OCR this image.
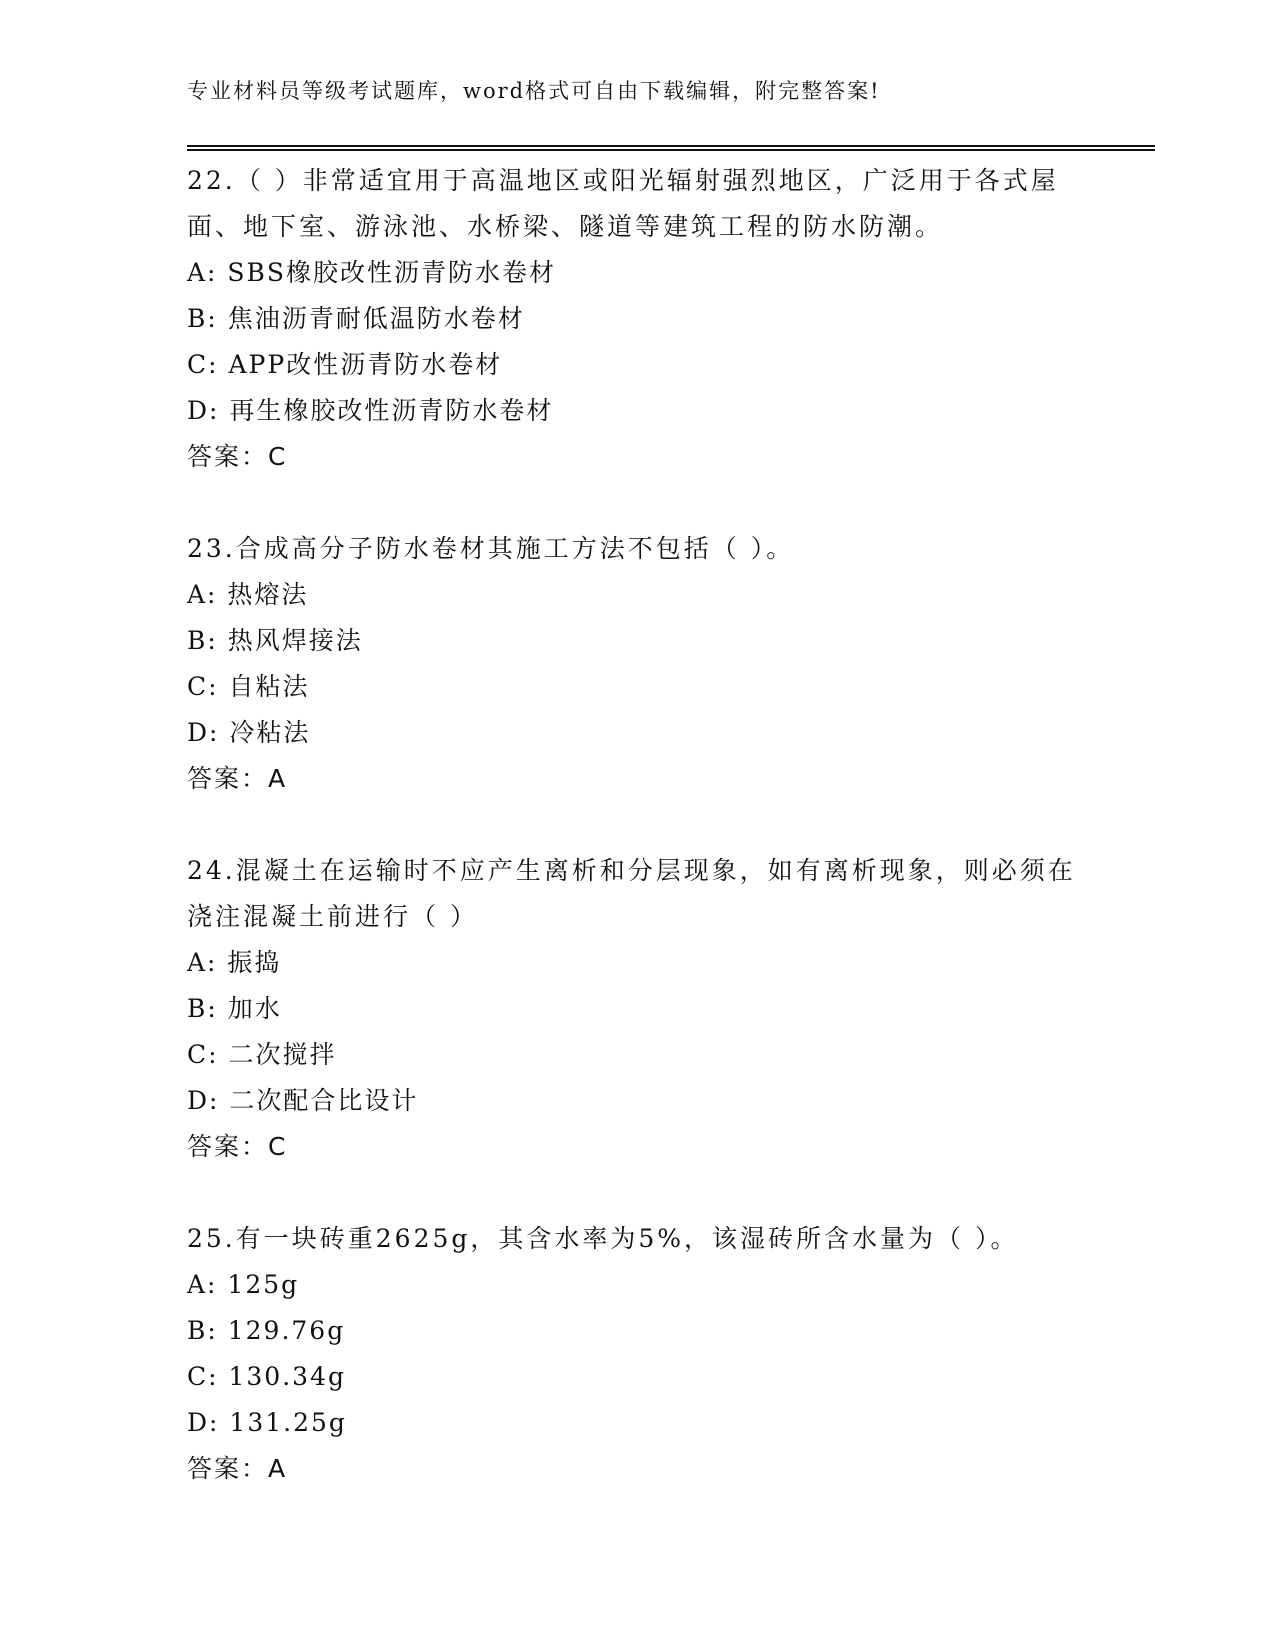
专业材料员等级考试题库，word格式可自由下载编辑，附完整答案!

22.（ ）非常适宜用于高温地区或阳光辐射强烈地区，广泛用于各式屋面、地下室、游泳池、水桥梁、隧道等建筑工程的防水防潮。

A: SBS橡胶改性沥青防水卷材

B: 焦油沥青耐低温防水卷材

C: APP改性沥青防水卷材

D: 再生橡胶改性沥青防水卷材

答案：C

23.合成高分子防水卷材其施工方法不包括（ ）。

A: 热熔法

B: 热风焊接法

C: 自粘法

D: 冷粘法

答案：A

24.混凝土在运输时不应产生离析和分层现象，如有离析现象，则必须在浇注混凝土前进行（ ）

A: 振捣

B: 加水

C: 二次搅拌

D: 二次配合比设计

答案：C

25.有一块砖重2625g，其含水率为5%，该湿砖所含水量为（ ）。

A: 125g

B: 129.76g

C: 130.34g

D: 131.25g

答案：A
